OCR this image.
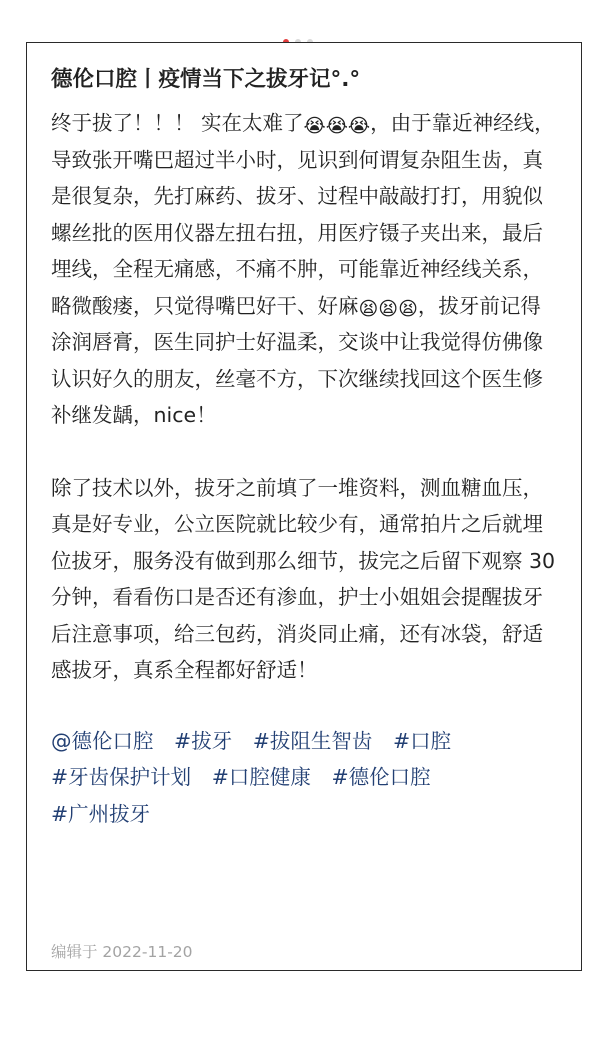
德伦口腔丨疫情当下之拔牙记°.°

终于拔了！！！ 实在太难了😭😭😭，由于靠近神经线，导致张开嘴巴超过半小时，见识到何谓复杂阻生齿，真是很复杂，先打麻药、拔牙、过程中敲敲打打，用貌似螺丝批的医用仪器左扭右扭，用医疗镊子夹出来，最后埋线，全程无痛感，不痛不肿，可能靠近神经线关系，略微酸瘘，只觉得嘴巴好干、好麻😫😫😫，拔牙前记得涂润唇膏，医生同护士好温柔，交谈中让我觉得仿佛像认识好久的朋友，丝毫不方，下次继续找回这个医生修补继发龋，nice！

除了技术以外，拔牙之前填了一堆资料，测血糖血压，真是好专业，公立医院就比较少有，通常拍片之后就埋位拔牙，服务没有做到那么细节，拔完之后留下观察 30 分钟，看看伤口是否还有渗血，护士小姐姐会提醒拔牙后注意事项，给三包药，消炎同止痛，还有冰袋，舒适感拔牙，真系全程都好舒适！

@德伦口腔 #拔牙 #拔阻生智齿 #口腔 #牙齿保护计划 #口腔健康 #德伦口腔 #广州拔牙
编辑于 2022-11-20
